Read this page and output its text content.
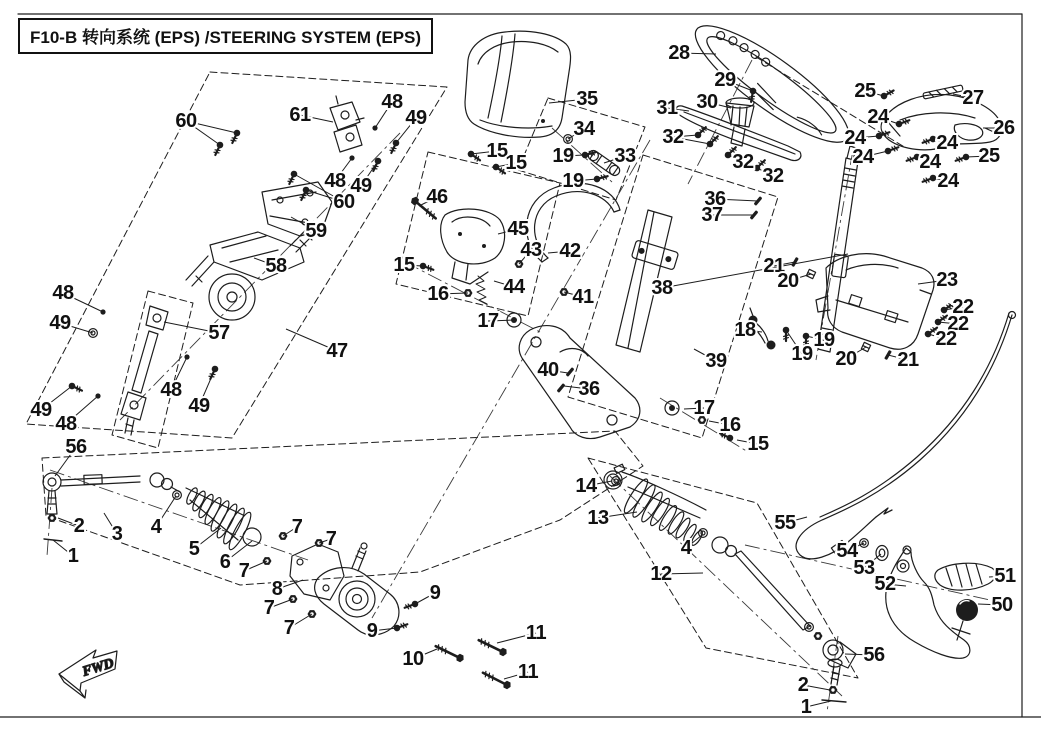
FWD
60	61
48
49
48 49
60
59
58
48
49	57
47
48
49
49
48
35
34
33
19
19
15
15
46
45
43 42
44 41
15
16
17
28
29
30
31
32
32
32
25	27
24
24
24
26
24
24 25
24
36
37
38
39
40
36
17
16
15
21
20
18	19
19 20 21
23
22
22
22
56
2 3
1
4
5
6
7
7
7
7
7
8	9
9
10
11
11
14
13
12
4
55
54
53
52	51
50
56
2
1
F10-B 转向系统 (EPS) /STEERING SYSTEM (EPS)
